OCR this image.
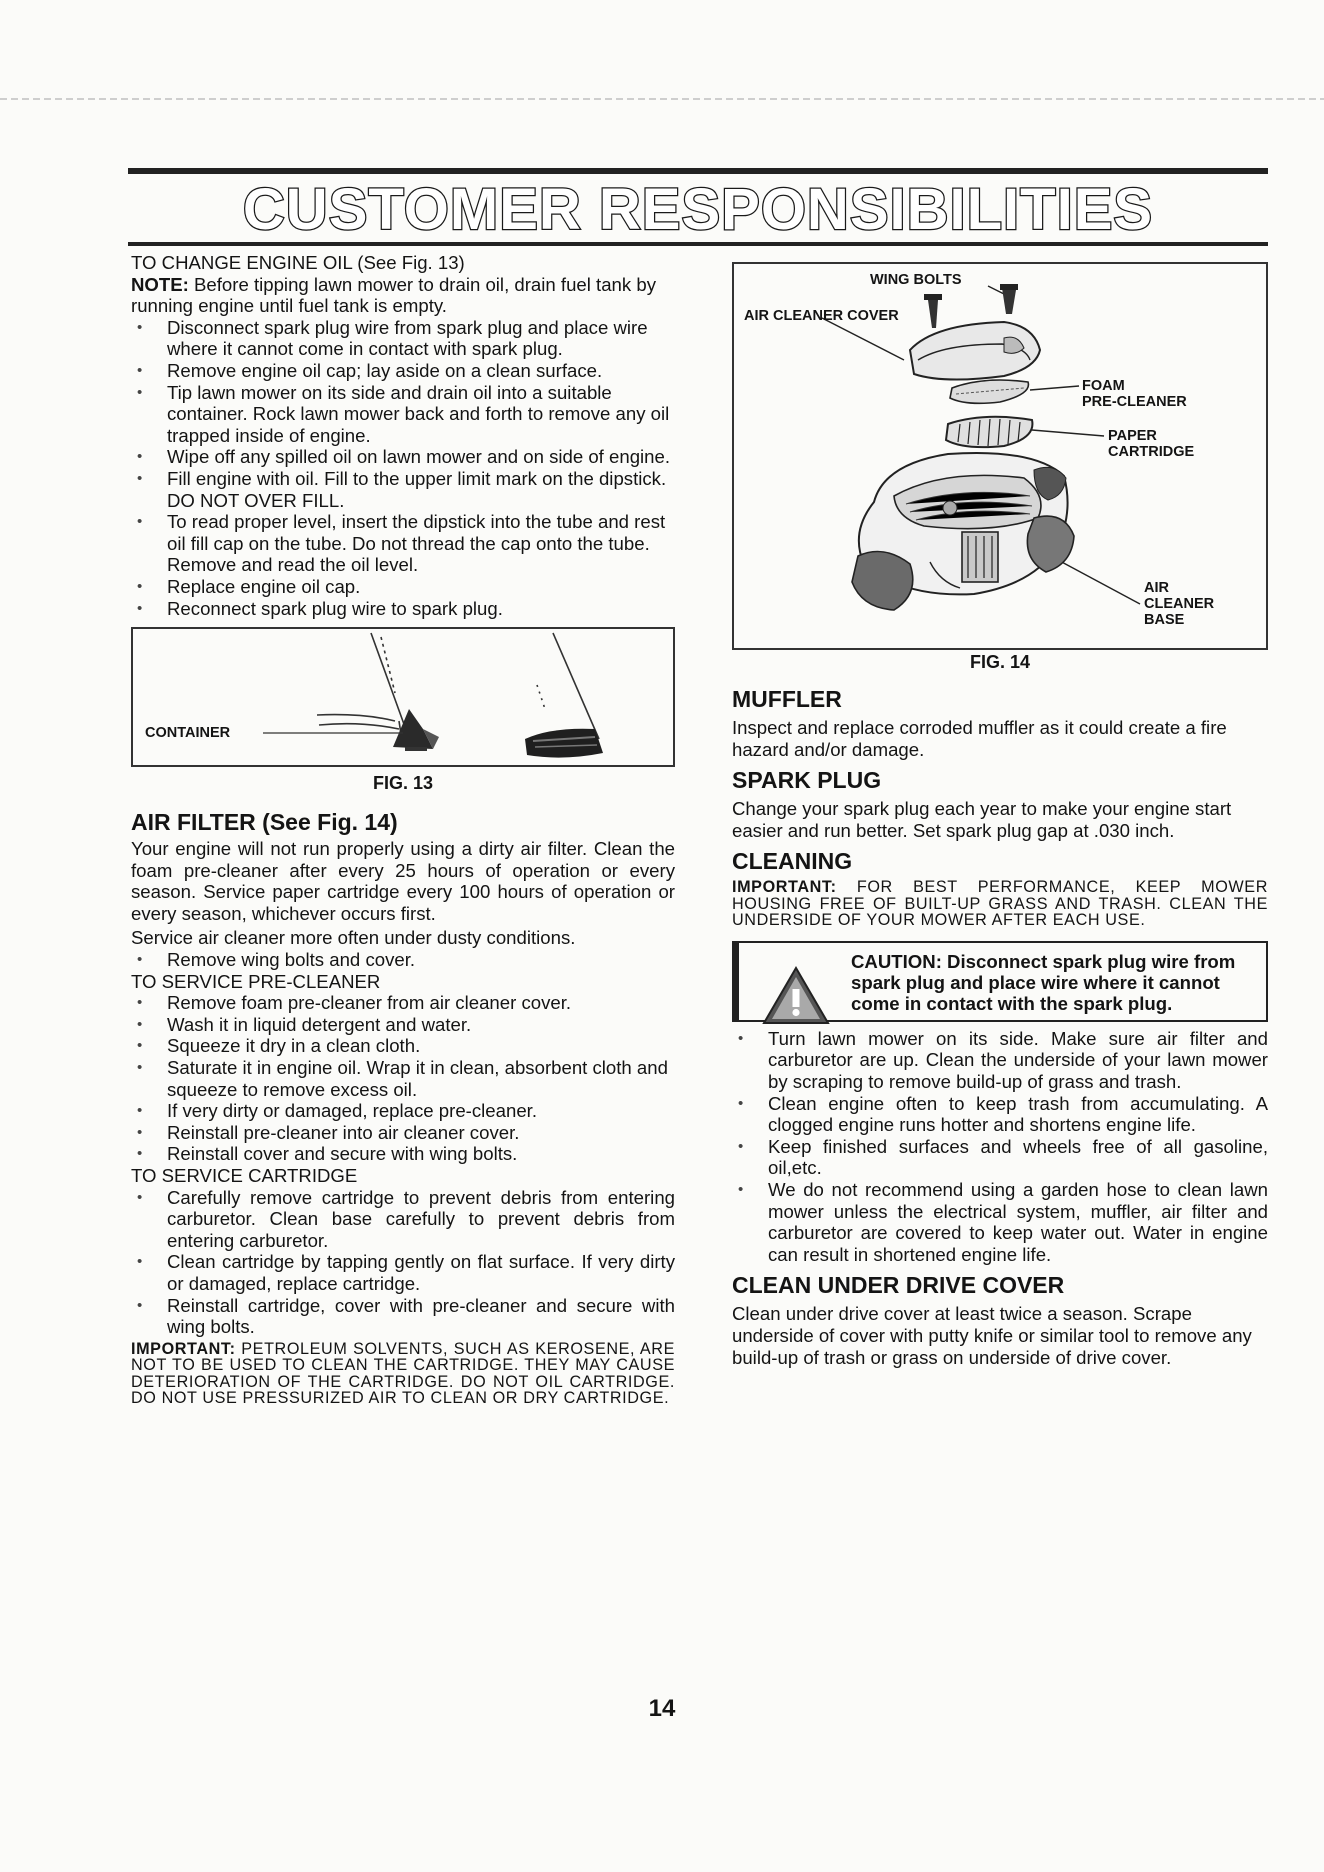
CUSTOMER RESPONSIBILITIES

TO CHANGE ENGINE OIL (See Fig. 13)

NOTE: Before tipping lawn mower to drain oil, drain fuel tank by running engine until fuel tank is empty.

• Disconnect spark plug wire from spark plug and place wire where it cannot come in contact with spark plug.
• Remove engine oil cap; lay aside on a clean surface.
• Tip lawn mower on its side and drain oil into a suitable container. Rock lawn mower back and forth to remove any oil trapped inside of engine.
• Wipe off any spilled oil on lawn mower and on side of engine.
• Fill engine with oil. Fill to the upper limit mark on the dipstick. DO NOT OVER FILL.
• To read proper level, insert the dipstick into the tube and rest oil fill cap on the tube. Do not thread the cap onto the tube. Remove and read the oil level.
• Replace engine oil cap.
• Reconnect spark plug wire to spark plug.
CONTAINER
FIG. 13
AIR FILTER (See Fig. 14)

Your engine will not run properly using a dirty air filter. Clean the foam pre-cleaner after every 25 hours of operation or every season. Service paper cartridge every 100 hours of operation or every season, whichever occurs first.

Service air cleaner more often under dusty conditions.

• Remove wing bolts and cover.

TO SERVICE PRE-CLEANER

• Remove foam pre-cleaner from air cleaner cover.
• Wash it in liquid detergent and water.
• Squeeze it dry in a clean cloth.
• Saturate it in engine oil. Wrap it in clean, absorbent cloth and squeeze to remove excess oil.
• If very dirty or damaged, replace pre-cleaner.
• Reinstall pre-cleaner into air cleaner cover.
• Reinstall cover and secure with wing bolts.

TO SERVICE CARTRIDGE

• Carefully remove cartridge to prevent debris from entering carburetor. Clean base carefully to prevent debris from entering carburetor.
• Clean cartridge by tapping gently on flat surface. If very dirty or damaged, replace cartridge.
• Reinstall cartridge, cover with pre-cleaner and secure with wing bolts.

IMPORTANT: PETROLEUM SOLVENTS, SUCH AS KEROSENE, ARE NOT TO BE USED TO CLEAN THE CARTRIDGE. THEY MAY CAUSE DETERIORATION OF THE CARTRIDGE. DO NOT OIL CARTRIDGE. DO NOT USE PRESSURIZED AIR TO CLEAN OR DRY CARTRIDGE.

WING BOLTS
AIR CLEANER COVER
FOAM
PRE-CLEANER
PAPER
CARTRIDGE
AIR
CLEANER
BASE
FIG. 14
MUFFLER

Inspect and replace corroded muffler as it could create a fire hazard and/or damage.

SPARK PLUG

Change your spark plug each year to make your engine start easier and run better. Set spark plug gap at .030 inch.

CLEANING

IMPORTANT: FOR BEST PERFORMANCE, KEEP MOWER HOUSING FREE OF BUILT-UP GRASS AND TRASH. CLEAN THE UNDERSIDE OF YOUR MOWER AFTER EACH USE.

CAUTION: Disconnect spark plug wire from spark plug and place wire where it cannot come in contact with the spark plug.

• Turn lawn mower on its side. Make sure air filter and carburetor are up. Clean the underside of your lawn mower by scraping to remove build-up of grass and trash.
• Clean engine often to keep trash from accumulating. A clogged engine runs hotter and shortens engine life.
• Keep finished surfaces and wheels free of all gasoline, oil,etc.
• We do not recommend using a garden hose to clean lawn mower unless the electrical system, muffler, air filter and carburetor are covered to keep water out. Water in engine can result in shortened engine life.
CLEAN UNDER DRIVE COVER

Clean under drive cover at least twice a season. Scrape underside of cover with putty knife or similar tool to remove any build-up of trash or grass on underside of drive cover.

14
